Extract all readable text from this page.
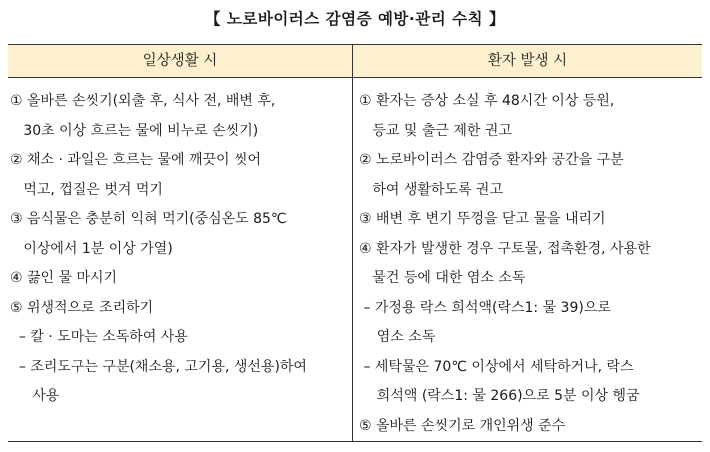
【 노로바이러스 감염증 예방·관리 수칙 】
일상생활 시	환자 발생 시
① 올바른 손씻기(외출 후, 식사 전, 배변 후,
30초 이상 흐르는 물에 비누로 손씻기)
② 채소 · 과일은 흐르는 물에 깨끗이 씻어
먹고, 껍질은 벗겨 먹기
③ 음식물은 충분히 익혀 먹기(중심온도 85℃
이상에서 1분 이상 가열)
④ 끓인 물 마시기
⑤ 위생적으로 조리하기
– 칼 · 도마는 소독하여 사용
– 조리도구는 구분(채소용, 고기용, 생선용)하여
사용
① 환자는 증상 소실 후 48시간 이상 등원,
등교 및 출근 제한 권고
② 노로바이러스 감염증 환자와 공간을 구분
하여 생활하도록 권고
③ 배변 후 변기 뚜껑을 닫고 물을 내리기
④ 환자가 발생한 경우 구토물, 접촉환경, 사용한
물건 등에 대한 염소 소독
– 가정용 락스 희석액(락스1: 물 39)으로
염소 소독
– 세탁물은 70℃ 이상에서 세탁하거나, 락스
희석액 (락스1: 물 266)으로 5분 이상 헹굼
⑤ 올바른 손씻기로 개인위생 준수
